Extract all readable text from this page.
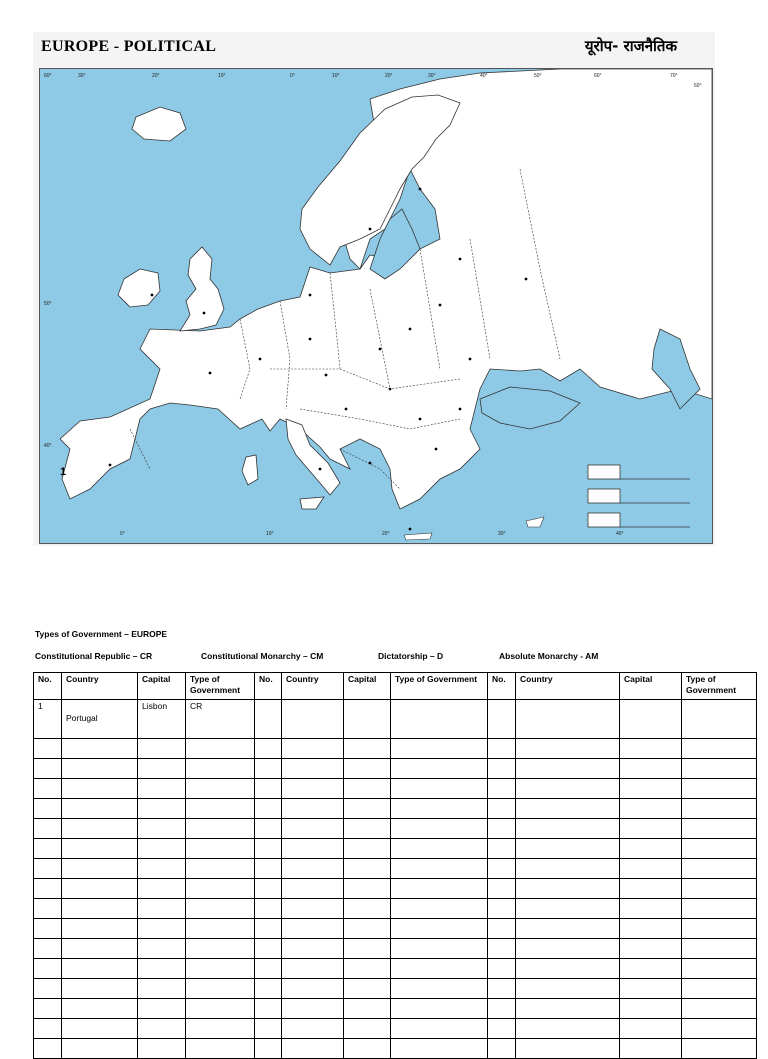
EUROPE - POLITICAL	यूरोप- राजनैतिक
60°	30°	20°	10°	0°	10°	20°	30°	40°	50°	60°	70°
60°
50°
40°
0°	10°	20°	30°	40°
1
Types of Government – EUROPE
Constitutional Republic – CR	Constitutional Monarchy – CM	Dictatorship – D	Absolute Monarchy - AM
No.	Country	Capital	Type of Government	No.	Country	Capital	Type of Government	No.	Country	Capital	Type of Government
1	Portugal	Lisbon	CR								
